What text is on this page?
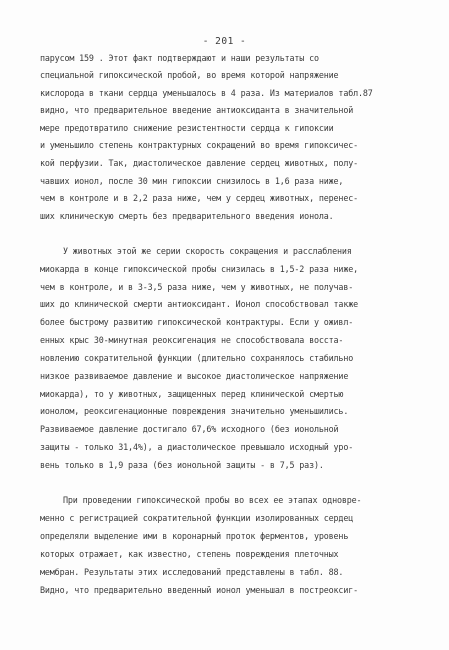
- 201 -
парусом 159 . Этот факт подтверждают и наши результаты со
специальной гипоксической пробой, во время которой напряжение
кислорода в ткани сердца уменьшалось в 4 раза. Из материалов табл.87
видно, что предварительное введение антиоксиданта в значительной
мере предотвратило снижение резистентности сердца к гипоксии
и уменьшило степень контрактурных сокращений во время гипоксичес-
кой перфузии. Так, диастолическое давление сердец животных, полу-
чавших ионол, после 30 мин гипоксии снизилось в 1,6 раза ниже,
чем в контроле и в 2,2 раза ниже, чем у сердец животных, перенес-
ших клиническую смерть без предварительного введения ионола.
У животных этой же серии скорость сокращения и расслабления
миокарда в конце гипоксической пробы снизилась в 1,5-2 раза ниже,
чем в контроле, и в 3-3,5 раза ниже, чем у животных, не получав-
ших до клинической смерти антиоксидант. Ионол способствовал также
более быстрому развитию гипоксической контрактуры. Если у оживл-
енных крыс 30-минутная реоксигенация не способствовала восста-
новлению сократительной функции (длительно сохранялось стабильно
низкое развиваемое давление и высокое диастолическое напряжение
миокарда), то у животных, защищенных перед клинической смертью
ионолом, реоксигенационные повреждения значительно уменьшились.
Развиваемое давление достигало 67,6% исходного (без ионольной
защиты - только 31,4%), а диастолическое превышало исходный уро-
вень только в 1,9 раза (без ионольной защиты - в 7,5 раз).
При проведении гипоксической пробы во всех ее этапах одновре-
менно с регистрацией сократительной функции изолированных сердец
определяли выделение ими в коронарный проток ферментов, уровень
которых отражает, как известно, степень повреждения плеточных
мембран. Результаты этих исследований представлены в табл. 88.
Видно, что предварительно введенный ионол уменьшал в постреоксиг-
